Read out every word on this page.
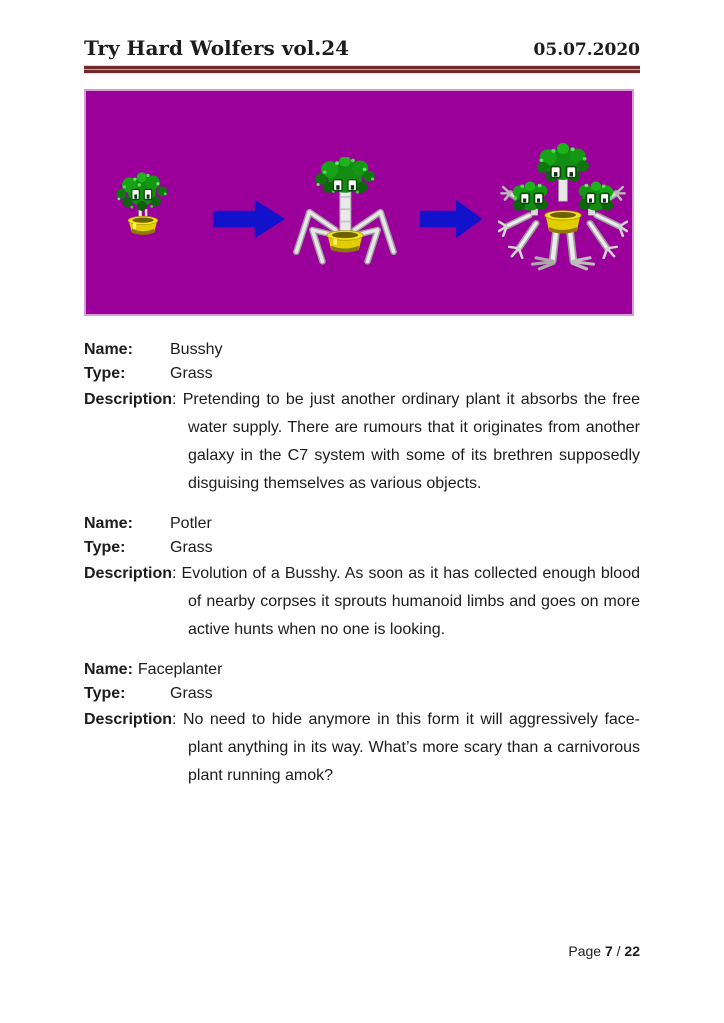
Try Hard Wolfers vol.24	05.07.2020
Name:	Busshy
Type:	Grass

Description: Pretending to be just another ordinary plant it absorbs the free water supply. There are rumours that it originates from another galaxy in the C7 system with some of its brethren supposedly disguising themselves as various objects.

Name:	Potler
Type:	Grass

Description: Evolution of a Busshy. As soon as it has collected enough blood of nearby corpses it sprouts humanoid limbs and goes on more active hunts when no one is looking.

Name: Faceplanter
Type:	Grass

Description: No need to hide anymore in this form it will aggressively face-plant anything in its way. What’s more scary than a carnivorous plant running amok?

Page 7 / 22
